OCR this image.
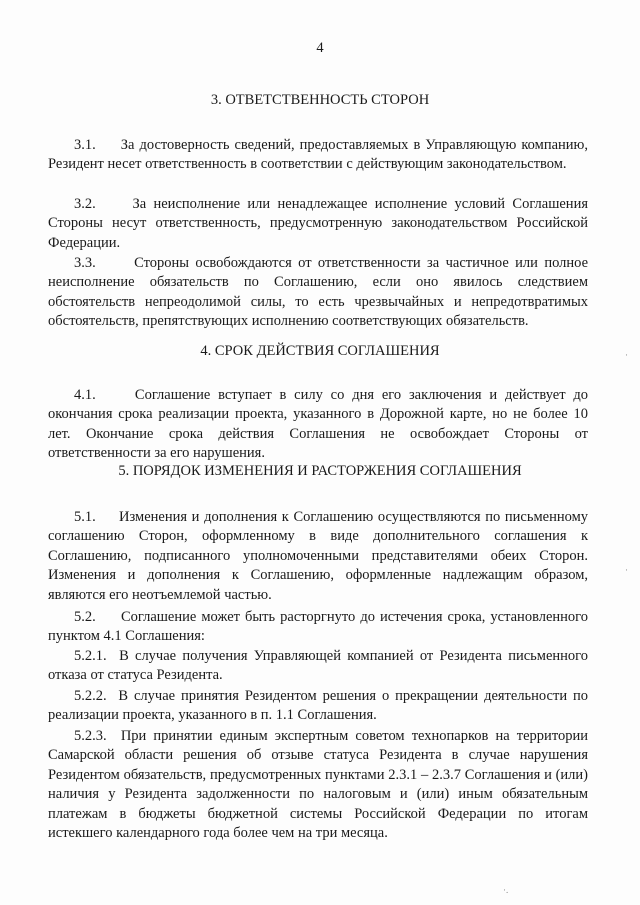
4
3. ОТВЕТСТВЕННОСТЬ СТОРОН

3.1.     За достоверность сведений, предоставляемых в Управляющую компанию, Резидент несет ответственность в соответствии с действующим законодательством.

3.2.     За неисполнение или ненадлежащее исполнение условий Соглашения Стороны несут ответственность, предусмотренную законодательством Российской Федерации.

3.3.      Стороны освобождаются от ответственности за частичное или полное неисполнение обязательств по Соглашению, если оно явилось следствием обстоятельств непреодолимой силы, то есть чрезвычайных и непредотвратимых обстоятельств, препятствующих исполнению соответствующих обязательств.

4. СРОК ДЕЙСТВИЯ СОГЛАШЕНИЯ

4.1.     Соглашение вступает в силу со дня его заключения и действует до окончания срока реализации проекта, указанного в Дорожной карте, но не более 10 лет. Окончание срока действия Соглашения не освобождает Стороны от ответственности за его нарушения.

5. ПОРЯДОК ИЗМЕНЕНИЯ И РАСТОРЖЕНИЯ СОГЛАШЕНИЯ

5.1.     Изменения и дополнения к Соглашению осуществляются по письменному соглашению Сторон, оформленному в виде дополнительного соглашения к Соглашению, подписанного уполномоченными представителями обеих Сторон. Изменения и дополнения к Соглашению, оформленные надлежащим образом, являются его неотъемлемой частью.

5.2.     Соглашение может быть расторгнуто до истечения срока, установленного пунктом 4.1 Соглашения:

5.2.1.  В случае получения Управляющей компанией от Резидента письменного отказа от статуса Резидента.

5.2.2.  В случае принятия Резидентом решения о прекращении деятельности по реализации проекта, указанного в п. 1.1 Соглашения.

5.2.3.  При принятии единым экспертным советом технопарков на территории Самарской области решения об отзыве статуса Резидента в случае нарушения Резидентом обязательств, предусмотренных пунктами 2.3.1 – 2.3.7 Соглашения и (или) наличия у Резидента задолженности по налоговым и (или) иным обязательным платежам в бюджеты бюджетной системы Российской Федерации по итогам истекшего календарного года более чем на три месяца.

·
·
·.
